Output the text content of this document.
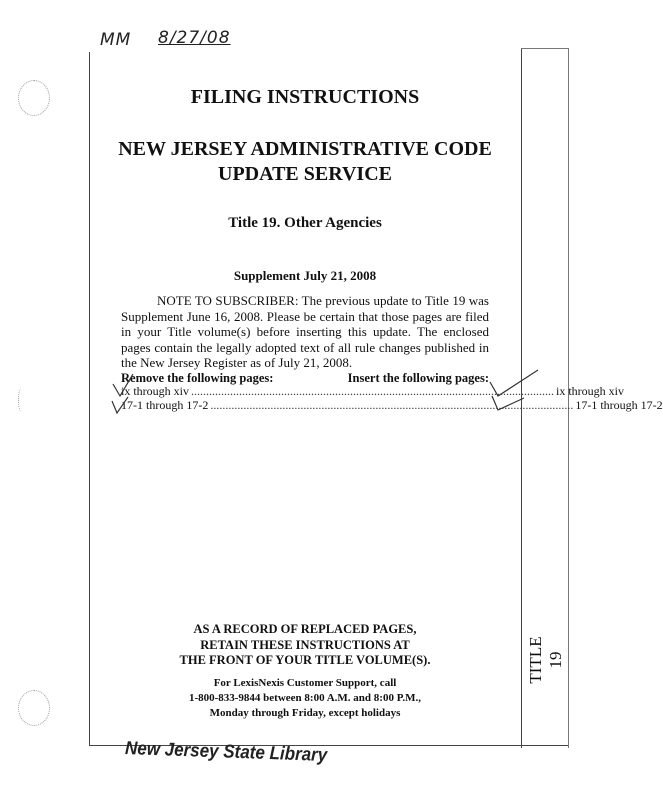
MM 8/27/08
FILING INSTRUCTIONS
NEW JERSEY ADMINISTRATIVE CODE
UPDATE SERVICE
Title 19. Other Agencies
Supplement July 21, 2008
NOTE TO SUBSCRIBER: The previous update to Title 19 was Supplement June 16, 2008. Please be certain that those pages are filed in your Title volume(s) before inserting this update. The enclosed pages contain the legally adopted text of all rule changes published in the New Jersey Register as of July 21, 2008.
Remove the following pages:	Insert the following pages:
ix through xiv ......................................................................................................................... ix through xiv
17-1 through 17-2 ......................................................................................................................... 17-1 through 17-2
AS A RECORD OF REPLACED PAGES,
RETAIN THESE INSTRUCTIONS AT
THE FRONT OF YOUR TITLE VOLUME(S).
For LexisNexis Customer Support, call
1-800-833-9844 between 8:00 A.M. and 8:00 P.M.,
Monday through Friday, except holidays
TITLE 19
New Jersey State Library
